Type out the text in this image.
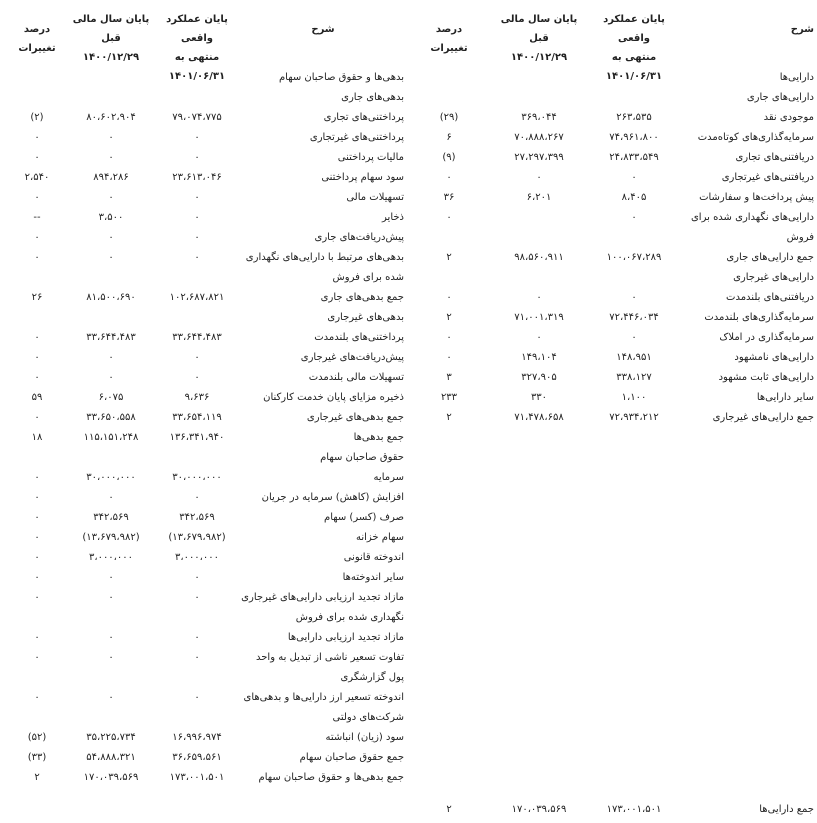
شرح
پایان عملکرد واقعی
منتهی به
۱۴۰۱/۰۶/۳۱
پایان سال مالی
قبل
۱۴۰۰/۱۲/۲۹
درصد
تغییرات
دارایی‌ها
دارایی‌های جاری
موجودی نقد
۲۶۳،۵۳۵
۳۶۹،۰۴۴
(۲۹)
سرمایه‌گذاری‌های کوتاه‌مدت
۷۴،۹۶۱،۸۰۰
۷۰،۸۸۸،۲۶۷
۶
دریافتنی‌های تجاری
۲۴،۸۳۳،۵۴۹
۲۷،۲۹۷،۳۹۹
(۹)
دریافتنی‌های غیرتجاری
۰
۰
۰
پیش پرداخت‌ها و سفارشات
۸،۴۰۵
۶،۲۰۱
۳۶
دارایی‌های نگهداری شده برای فروش
۰
۰
جمع دارایی‌های جاری
۱۰۰،۰۶۷،۲۸۹
۹۸،۵۶۰،۹۱۱
۲
دارایی‌های غیرجاری
دریافتنی‌های بلندمدت
۰
۰
۰
سرمایه‌گذاری‌های بلندمدت
۷۲،۴۴۶،۰۳۴
۷۱،۰۰۱،۳۱۹
۲
سرمایه‌گذاری در املاک
۰
۰
۰
دارایی‌های نامشهود
۱۴۸،۹۵۱
۱۴۹،۱۰۴
۰
دارایی‌های ثابت مشهود
۳۳۸،۱۲۷
۳۲۷،۹۰۵
۳
سایر دارایی‌ها
۱،۱۰۰
۳۳۰
۲۳۳
جمع دارایی‌های غیرجاری
۷۲،۹۳۴،۲۱۲
۷۱،۴۷۸،۶۵۸
۲
جمع دارایی‌ها
۱۷۳،۰۰۱،۵۰۱
۱۷۰،۰۳۹،۵۶۹
۲
شرح
پایان عملکرد واقعی
منتهی به
۱۴۰۱/۰۶/۳۱
پایان سال مالی
قبل
۱۴۰۰/۱۲/۲۹
درصد
تغییرات
بدهی‌ها و حقوق صاحبان سهام
بدهی‌های جاری
پرداختنی‌های تجاری
۷۹،۰۷۴،۷۷۵
۸۰،۶۰۲،۹۰۴
(۲)
پرداختنی‌های غیرتجاری
۰
۰
۰
مالیات پرداختنی
۰
۰
۰
سود سهام پرداختنی
۲۳،۶۱۳،۰۴۶
۸۹۴،۲۸۶
۲،۵۴۰
تسهیلات مالی
۰
۰
۰
ذخایر
۰
۳،۵۰۰
--
پیش‌دریافت‌های جاری
۰
۰
۰
بدهی‌های مرتبط با دارایی‌های نگهداری شده برای فروش
۰
۰
۰
جمع بدهی‌های جاری
۱۰۲،۶۸۷،۸۲۱
۸۱،۵۰۰،۶۹۰
۲۶
بدهی‌های غیرجاری
پرداختنی‌های بلندمدت
۳۳،۶۴۴،۴۸۳
۳۳،۶۴۴،۴۸۳
۰
پیش‌دریافت‌های غیرجاری
۰
۰
۰
تسهیلات مالی بلندمدت
۰
۰
۰
ذخیره مزایای پایان خدمت کارکنان
۹،۶۳۶
۶،۰۷۵
۵۹
جمع بدهی‌های غیرجاری
۳۳،۶۵۴،۱۱۹
۳۳،۶۵۰،۵۵۸
۰
جمع بدهی‌ها
۱۳۶،۳۴۱،۹۴۰
۱۱۵،۱۵۱،۲۴۸
۱۸
حقوق صاحبان سهام
سرمایه
۳۰،۰۰۰،۰۰۰
۳۰،۰۰۰،۰۰۰
۰
افزایش (کاهش) سرمایه در جریان
۰
۰
۰
صرف (کسر) سهام
۳۴۲،۵۶۹
۳۴۲،۵۶۹
۰
سهام خزانه
(۱۳،۶۷۹،۹۸۲)
(۱۳،۶۷۹،۹۸۲)
۰
اندوخته قانونی
۳،۰۰۰،۰۰۰
۳،۰۰۰،۰۰۰
۰
سایر اندوخته‌ها
۰
۰
۰
مازاد تجدید ارزیابی دارایی‌های غیرجاری نگهداری شده برای فروش
۰
۰
۰
مازاد تجدید ارزیابی دارایی‌ها
۰
۰
۰
تفاوت تسعیر ناشی از تبدیل به واحد پول گزارشگری
۰
۰
۰
اندوخته تسعیر ارز دارایی‌ها و بدهی‌های شرکت‌های دولتی
۰
۰
۰
سود (زیان) انباشته
۱۶،۹۹۶،۹۷۴
۳۵،۲۲۵،۷۳۴
(۵۲)
جمع حقوق صاحبان سهام
۳۶،۶۵۹،۵۶۱
۵۴،۸۸۸،۳۲۱
(۳۳)
جمع بدهی‌ها و حقوق صاحبان سهام
۱۷۳،۰۰۱،۵۰۱
۱۷۰،۰۳۹،۵۶۹
۲
